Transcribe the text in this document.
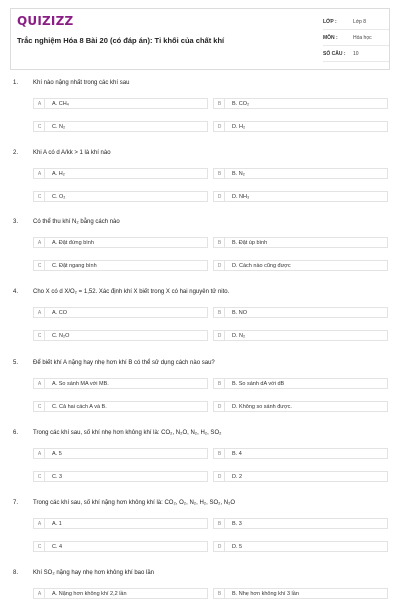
QUIZIZZ
Trắc nghiệm Hóa 8 Bài 20 (có đáp án): Tỉ khối của chất khí
LỚP :	Lớp 8
MÔN :	Hóa học
SỐ CÂU :	10
1. Khí nào nặng nhất trong các khí sau
A	A. CH₄	B	B. CO₂
C	C. N₂	D	D. H₂
2. Khi A có d A/kk > 1 là khí nào
A	A. H₂	B	B. N₂
C	C. O₂	D	D. NH₃
3. Có thể thu khí N₂ bằng cách nào
A	A. Đặt đứng bình	B	B. Đặt úp bình
C	C. Đặt ngang bình	D	D. Cách nào cũng được
4. Cho X có d X/O₂ = 1,52. Xác định khí X biết trong X có hai nguyên tử nito.
A	A. CO	B	B. NO
C	C. N₂O	D	D. N₂
5. Để biết khí A nặng hay nhẹ hơn khí B có thể sử dụng cách nào sau?
A	A. So sánh MA với MB.	B	B. So sánh dA với dB
C	C. Cả hai cách A và B.	D	D. Không so sánh được.
6. Trong các khí sau, số khí nhẹ hơn không khí là: CO₂, N₂O, N₂, H₂, SO₂
A	A. 5	B	B. 4
C	C. 3	D	D. 2
7. Trong các khí sau, số khí nặng hơn không khí là: CO₂, O₂, N₂, H₂, SO₂, N₂O
A	A. 1	B	B. 3
C	C. 4	D	D. 5
8. Khí SO₂ nặng hay nhẹ hơn không khí bao lần
A	A. Nặng hơn không khí 2,2 lần	B	B. Nhẹ hơn không khí 3 lần
